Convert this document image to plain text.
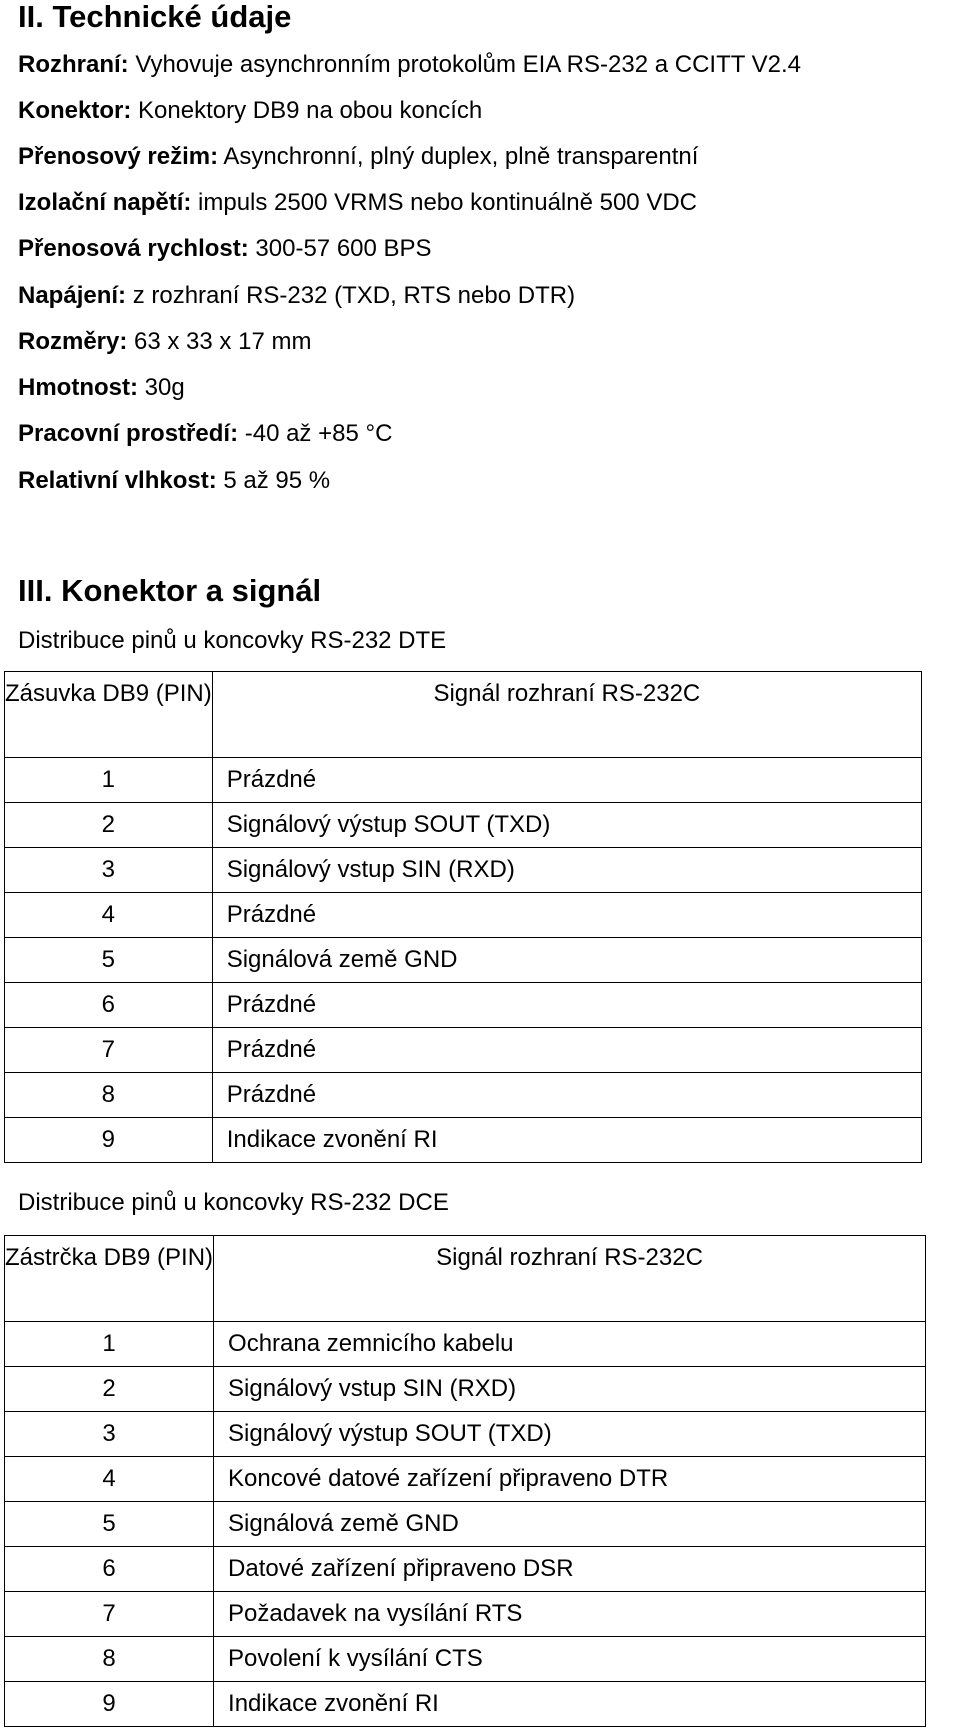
II. Technické údaje
Rozhraní: Vyhovuje asynchronním protokolům EIA RS-232 a CCITT V2.4
Konektor: Konektory DB9 na obou koncích
Přenosový režim: Asynchronní, plný duplex, plně transparentní
Izolační napětí: impuls 2500 VRMS nebo kontinuálně 500 VDC
Přenosová rychlost: 300-57 600 BPS
Napájení: z rozhraní RS-232 (TXD, RTS nebo DTR)
Rozměry: 63 x 33 x 17 mm
Hmotnost: 30g
Pracovní prostředí: -40 až +85 °C
Relativní vlhkost: 5 až 95 %
III. Konektor a signál
Distribuce pinů u koncovky RS-232 DTE
Zásuvka DB9 (PIN)	Signál rozhraní RS-232C
1	Prázdné
2	Signálový výstup SOUT (TXD)
3	Signálový vstup SIN (RXD)
4	Prázdné
5	Signálová země GND
6	Prázdné
7	Prázdné
8	Prázdné
9	Indikace zvonění RI
Distribuce pinů u koncovky RS-232 DCE
Zástrčka DB9 (PIN)	Signál rozhraní RS-232C
1	Ochrana zemnicího kabelu
2	Signálový vstup SIN (RXD)
3	Signálový výstup SOUT (TXD)
4	Koncové datové zařízení připraveno DTR
5	Signálová země GND
6	Datové zařízení připraveno DSR
7	Požadavek na vysílání RTS
8	Povolení k vysílání CTS
9	Indikace zvonění RI
